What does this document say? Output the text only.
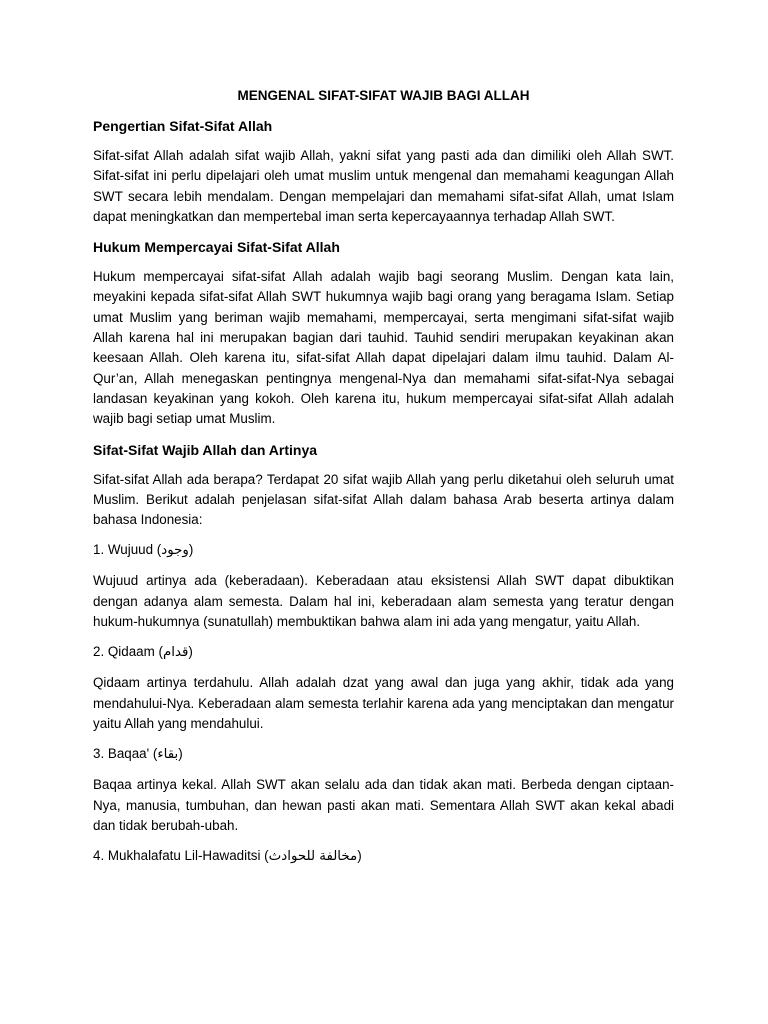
MENGENAL SIFAT-SIFAT WAJIB BAGI ALLAH
Pengertian Sifat-Sifat Allah

Sifat-sifat Allah adalah sifat wajib Allah, yakni sifat yang pasti ada dan dimiliki oleh Allah SWT. Sifat-sifat ini perlu dipelajari oleh umat muslim untuk mengenal dan memahami keagungan Allah SWT secara lebih mendalam. Dengan mempelajari dan memahami sifat-sifat Allah, umat Islam dapat meningkatkan dan mempertebal iman serta kepercayaannya terhadap Allah SWT.

Hukum Mempercayai Sifat-Sifat Allah

Hukum mempercayai sifat-sifat Allah adalah wajib bagi seorang Muslim. Dengan kata lain, meyakini kepada sifat-sifat Allah SWT hukumnya wajib bagi orang yang beragama Islam. Setiap umat Muslim yang beriman wajib memahami, mempercayai, serta mengimani sifat-sifat wajib Allah karena hal ini merupakan bagian dari tauhid. Tauhid sendiri merupakan keyakinan akan keesaan Allah. Oleh karena itu, sifat-sifat Allah dapat dipelajari dalam ilmu tauhid. Dalam Al-Qur’an, Allah menegaskan pentingnya mengenal-Nya dan memahami sifat-sifat-Nya sebagai landasan keyakinan yang kokoh. Oleh karena itu, hukum mempercayai sifat-sifat Allah adalah wajib bagi setiap umat Muslim.

Sifat-Sifat Wajib Allah dan Artinya

Sifat-sifat Allah ada berapa? Terdapat 20 sifat wajib Allah yang perlu diketahui oleh seluruh umat Muslim. Berikut adalah penjelasan sifat-sifat Allah dalam bahasa Arab beserta artinya dalam bahasa Indonesia:

1. Wujuud (وجود)

Wujuud artinya ada (keberadaan). Keberadaan atau eksistensi Allah SWT dapat dibuktikan dengan adanya alam semesta. Dalam hal ini, keberadaan alam semesta yang teratur dengan hukum-hukumnya (sunatullah) membuktikan bahwa alam ini ada yang mengatur, yaitu Allah.

2. Qidaam (قدام)

Qidaam artinya terdahulu. Allah adalah dzat yang awal dan juga yang akhir, tidak ada yang mendahului-Nya. Keberadaan alam semesta terlahir karena ada yang menciptakan dan mengatur yaitu Allah yang mendahului.

3. Baqaa' (بقاء)

Baqaa artinya kekal. Allah SWT akan selalu ada dan tidak akan mati. Berbeda dengan ciptaan-Nya, manusia, tumbuhan, dan hewan pasti akan mati. Sementara Allah SWT akan kekal abadi dan tidak berubah-ubah.

4. Mukhalafatu Lil-Hawaditsi (مخالفة للحوادث)
